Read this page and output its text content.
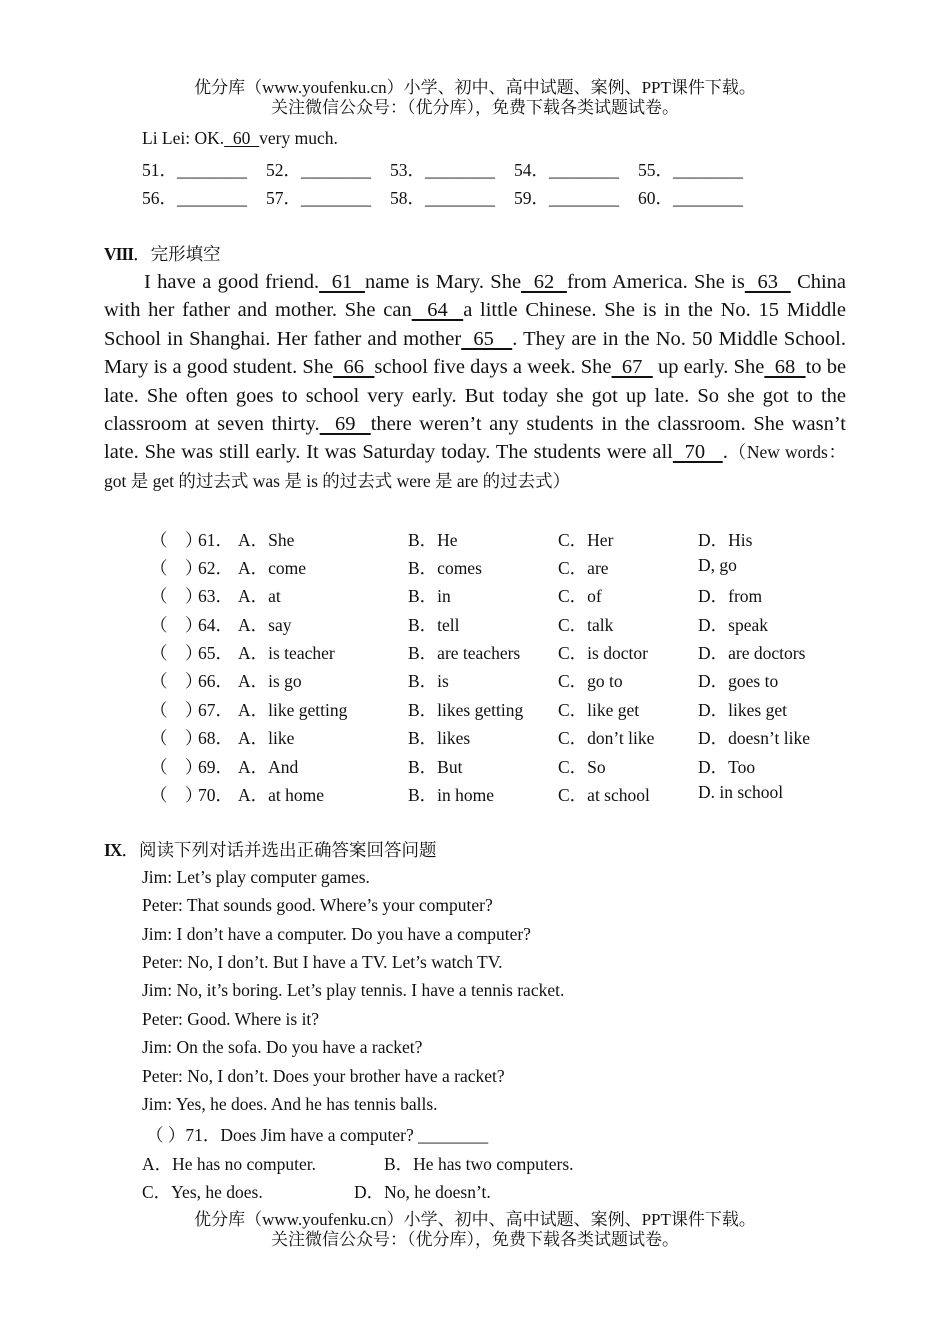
优分库（www.youfenku.cn）小学、初中、高中试题、案例、PPT课件下载。
关注微信公众号：（优分库），免费下载各类试题试卷。
Li Lei: OK.  60  very much.
51．________ 52．________ 53．________ 54．________ 55．________
56．________ 57．________ 58．________ 59．________ 60．________
VIII．完形填空
I have a good friend.  61  name is Mary. She  62  from America. She is  63   China with her father and mother. She can  64  a little Chinese. She is in the No. 15 Middle School in Shanghai. Her father and mother  65   . They are in the No. 50 Middle School. Mary is a good student. She  66  school five days a week. She  67   up early. She  68  to be late. She often goes to school very early. But today she got up late. So she got to the classroom at seven thirty.  69  there weren’t any students in the classroom. She wasn’t late. She was still early. It was Saturday today. The students were all  70   .（New words：got 是 get 的过去式 was 是 is 的过去式 were 是 are 的过去式）
（    ）
61． A．She	B．He	C．Her	D．His
（    ）
62． A．come	B．comes	C．are	D, go
（    ）
63． A．at	B．in	C．of	D．from
（    ）
64． A．say	B．tell	C．talk	D．speak
（    ）
65． A．is teacher	B．are teachers C．is doctor	D．are doctors
（    ）
66． A．is go	B．is	C．go to	D．goes to
（    ）
67． A．like getting	B．likes getting C．like get	D．likes get
（    ）
68． A．like	B．likes	C．don’t like D．doesn’t like
（    ）
69． A．And	B．But	C．So	D．Too
（    ）
70． A．at home	B．in home	C．at school	D. in school
IX．阅读下列对话并选出正确答案回答问题
Jim: Let’s play computer games.
Peter: That sounds good. Where’s your computer?
Jim: I don’t have a computer. Do you have a computer?
Peter: No, I don’t. But I have a TV. Let’s watch TV.
Jim: No, it’s boring. Let’s play tennis. I have a tennis racket.
Peter: Good. Where is it?
Jim: On the sofa. Do you have a racket?
Peter: No, I don’t. Does your brother have a racket?
Jim: Yes, he does. And he has tennis balls.
（ ）71．Does Jim have a computer? ________
A．He has no computer.	B．He has two computers.
C．Yes, he does.	D．No, he doesn’t.
优分库（www.youfenku.cn）小学、初中、高中试题、案例、PPT课件下载。
关注微信公众号：（优分库），免费下载各类试题试卷。
